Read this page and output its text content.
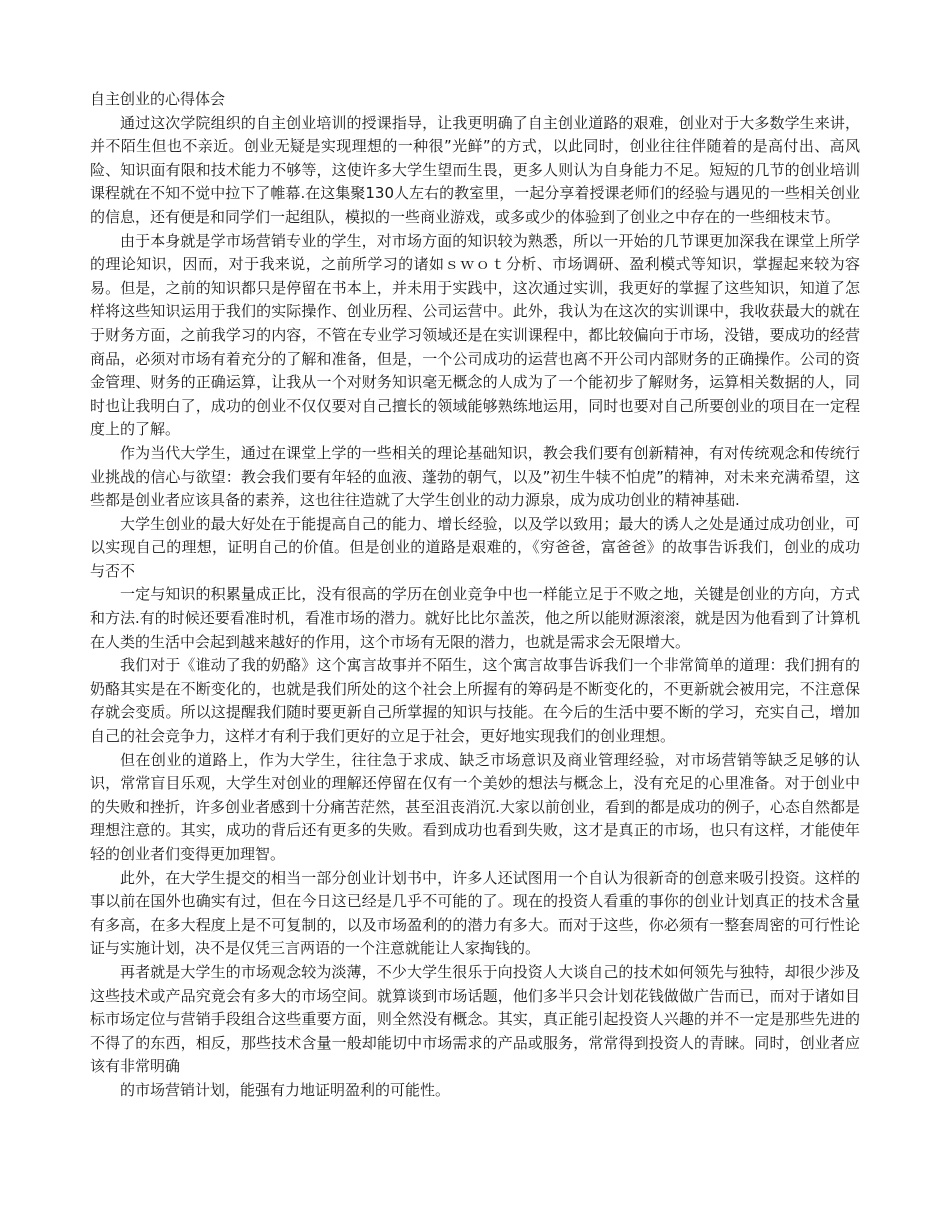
自主创业的心得体会

通过这次学院组织的自主创业培训的授课指导，让我更明确了自主创业道路的艰难，创业对于大多数学生来讲，并不陌生但也不亲近。创业无疑是实现理想的一种很”光鲜”的方式，以此同时，创业往往伴随着的是高付出、高风险、知识面有限和技术能力不够等，这使许多大学生望而生畏，更多人则认为自身能力不足。短短的几节的创业培训课程就在不知不觉中拉下了帷幕.在这集聚130人左右的教室里，一起分享着授课老师们的经验与遇见的一些相关创业的信息，还有便是和同学们一起组队，模拟的一些商业游戏，或多或少的体验到了创业之中存在的一些细枝末节。

由于本身就是学市场营销专业的学生，对市场方面的知识较为熟悉，所以一开始的几节课更加深我在课堂上所学的理论知识，因而，对于我来说，之前所学习的诸如ｓｗｏｔ分析、市场调研、盈利模式等知识，掌握起来较为容易。但是，之前的知识都只是停留在书本上，并未用于实践中，这次通过实训，我更好的掌握了这些知识，知道了怎样将这些知识运用于我们的实际操作、创业历程、公司运营中。此外，我认为在这次的实训课中，我收获最大的就在于财务方面，之前我学习的内容，不管在专业学习领域还是在实训课程中，都比较偏向于市场，没错，要成功的经营商品，必须对市场有着充分的了解和准备，但是，一个公司成功的运营也离不开公司内部财务的正确操作。公司的资金管理、财务的正确运算，让我从一个对财务知识毫无概念的人成为了一个能初步了解财务，运算相关数据的人，同时也让我明白了，成功的创业不仅仅要对自己擅长的领域能够熟练地运用，同时也要对自己所要创业的项目在一定程度上的了解。

作为当代大学生，通过在课堂上学的一些相关的理论基础知识，教会我们要有创新精神，有对传统观念和传统行业挑战的信心与欲望：教会我们要有年轻的血液、蓬勃的朝气，以及”初生牛犊不怕虎”的精神，对未来充满希望，这些都是创业者应该具备的素养，这也往往造就了大学生创业的动力源泉，成为成功创业的精神基础.

大学生创业的最大好处在于能提高自己的能力、增长经验，以及学以致用；最大的诱人之处是通过成功创业，可以实现自己的理想，证明自己的价值。但是创业的道路是艰难的，《穷爸爸，富爸爸》的故事告诉我们，创业的成功与否不

一定与知识的积累量成正比，没有很高的学历在创业竞争中也一样能立足于不败之地，关键是创业的方向，方式和方法.有的时候还要看准时机，看准市场的潜力。就好比比尔盖茨，他之所以能财源滚滚，就是因为他看到了计算机在人类的生活中会起到越来越好的作用，这个市场有无限的潜力，也就是需求会无限增大。

我们对于《谁动了我的奶酪》这个寓言故事并不陌生，这个寓言故事告诉我们一个非常简单的道理：我们拥有的奶酪其实是在不断变化的，也就是我们所处的这个社会上所握有的筹码是不断变化的，不更新就会被用完，不注意保存就会变质。所以这提醒我们随时要更新自己所掌握的知识与技能。在今后的生活中要不断的学习，充实自己，增加自己的社会竞争力，这样才有利于我们更好的立足于社会，更好地实现我们的创业理想。

但在创业的道路上，作为大学生，往往急于求成、缺乏市场意识及商业管理经验，对市场营销等缺乏足够的认识，常常盲目乐观，大学生对创业的理解还停留在仅有一个美妙的想法与概念上，没有充足的心里准备。对于创业中的失败和挫折，许多创业者感到十分痛苦茫然，甚至沮丧消沉.大家以前创业，看到的都是成功的例子，心态自然都是理想注意的。其实，成功的背后还有更多的失败。看到成功也看到失败，这才是真正的市场，也只有这样，才能使年轻的创业者们变得更加理智。

此外，在大学生提交的相当一部分创业计划书中，许多人还试图用一个自认为很新奇的创意来吸引投资。这样的事以前在国外也确实有过，但在今日这已经是几乎不可能的了。现在的投资人看重的事你的创业计划真正的技术含量有多高，在多大程度上是不可复制的，以及市场盈利的的潜力有多大。而对于这些，你必须有一整套周密的可行性论证与实施计划，决不是仅凭三言两语的一个注意就能让人家掏钱的。

再者就是大学生的市场观念较为淡薄，不少大学生很乐于向投资人大谈自己的技术如何领先与独特，却很少涉及这些技术或产品究竟会有多大的市场空间。就算谈到市场话题，他们多半只会计划花钱做做广告而已，而对于诸如目标市场定位与营销手段组合这些重要方面，则全然没有概念。其实，真正能引起投资人兴趣的并不一定是那些先进的不得了的东西，相反，那些技术含量一般却能切中市场需求的产品或服务，常常得到投资人的青睐。同时，创业者应该有非常明确

的市场营销计划，能强有力地证明盈利的可能性。
